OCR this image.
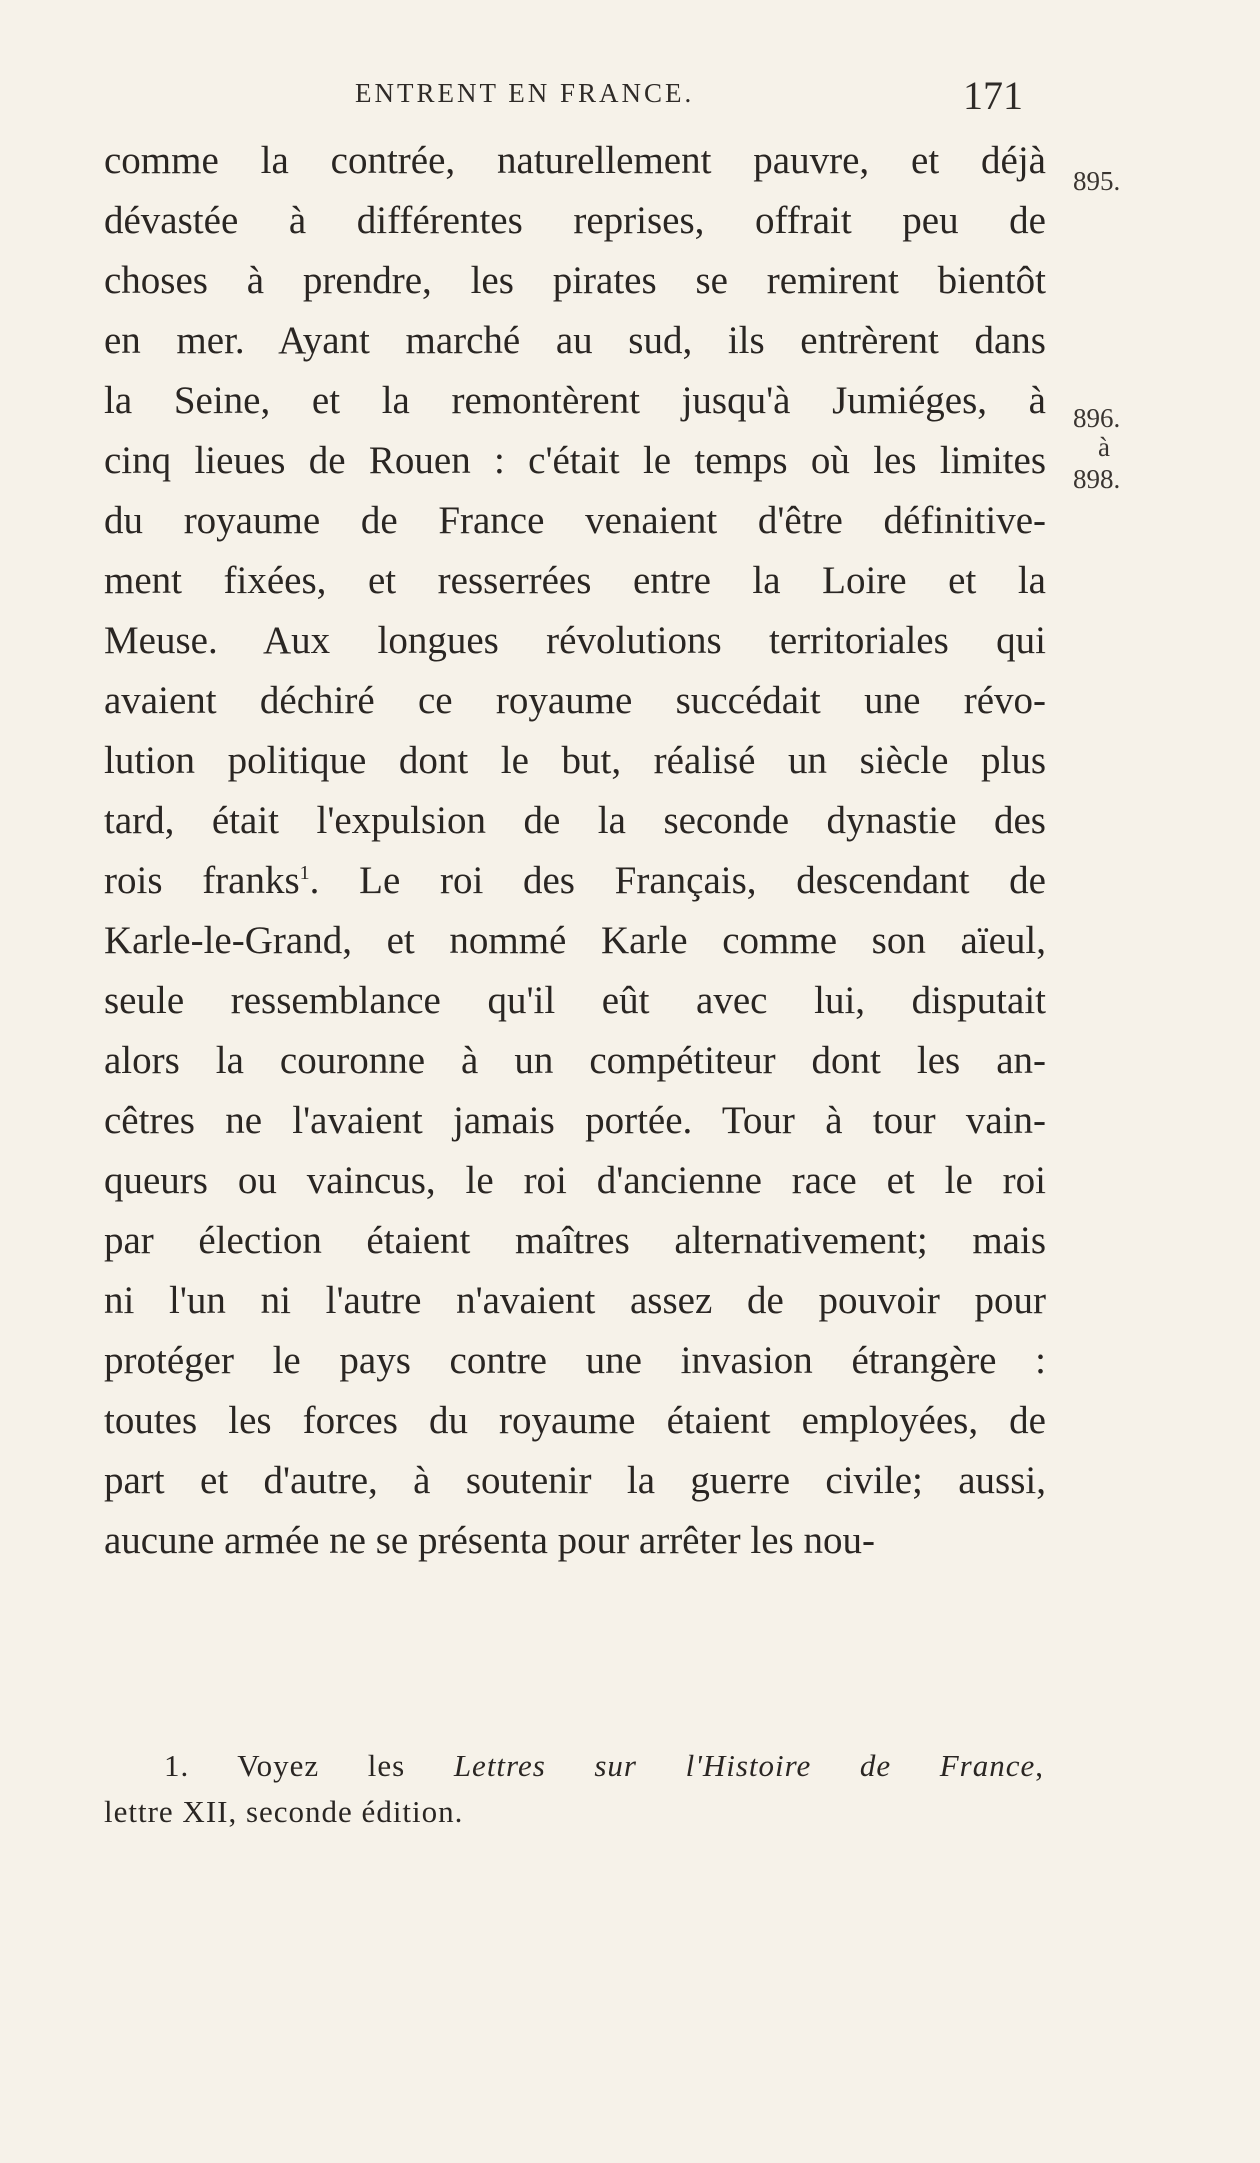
ENTRENT EN FRANCE.	171
comme la contrée, naturellement pauvre, et déjà
dévastée à différentes reprises, offrait peu de
choses à prendre, les pirates se remirent bientôt
en mer. Ayant marché au sud, ils entrèrent dans
la Seine, et la remontèrent jusqu'à Jumiéges, à
cinq lieues de Rouen : c'était le temps où les limites
du royaume de France venaient d'être définitive-
ment fixées, et resserrées entre la Loire et la
Meuse. Aux longues révolutions territoriales qui
avaient déchiré ce royaume succédait une révo-
lution politique dont le but, réalisé un siècle plus
tard, était l'expulsion de la seconde dynastie des
rois franks$^1$. Le roi des Français, descendant de
Karle-le-Grand, et nommé Karle comme son aïeul,
seule ressemblance qu'il eût avec lui, disputait
alors la couronne à un compétiteur dont les an-
cêtres ne l'avaient jamais portée. Tour à tour vain-
queurs ou vaincus, le roi d'ancienne race et le roi
par élection étaient maîtres alternativement; mais
ni l'un ni l'autre n'avaient assez de pouvoir pour
protéger le pays contre une invasion étrangère :
toutes les forces du royaume étaient employées, de
part et d'autre, à soutenir la guerre civile; aussi,
aucune armée ne se présenta pour arrêter les nou-
895.
896.
à
898.
1. Voyez les Lettres sur l'Histoire de France,
lettre XII, seconde édition.
